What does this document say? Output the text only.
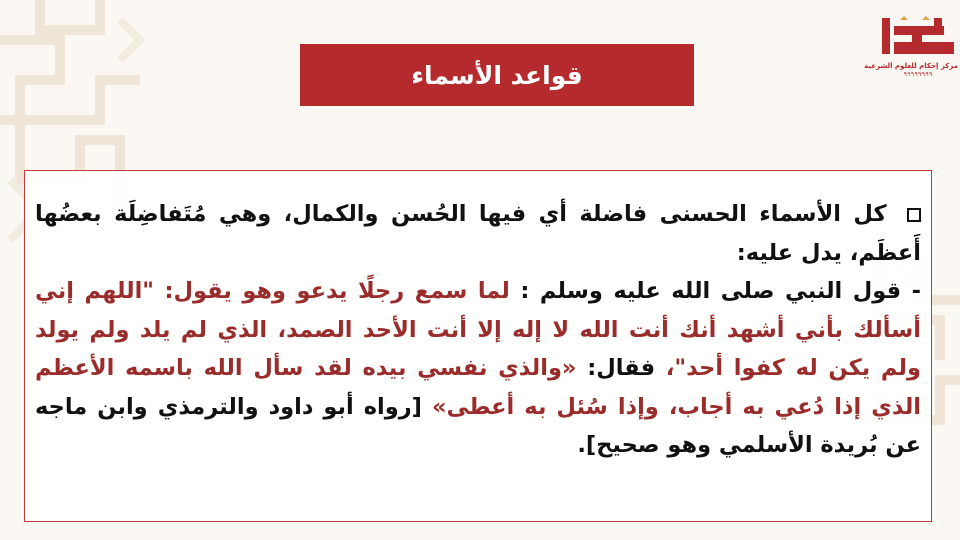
مركز إحكام للعلوم الشرعية
٩٩٩٩٩٩٩٩
قواعد الأسماء
كل الأسماء الحسنى فاضلة أي فيها الحُسن والكمال، وهي مُتَفاضِلَة بعضُها أَعظَم، يدل عليه:
- قول النبي صلى الله عليه وسلم : لما سمع رجلًا يدعو وهو يقول: "اللهم إني أسألك بأني أشهد أنك أنت الله لا إله إلا أنت الأحد الصمد، الذي لم يلد ولم يولد ولم يكن له كفوا أحد"، فقال: «والذي نفسي بيده لقد سأل الله باسمه الأعظم الذي إذا دُعي به أجاب، وإذا سُئل به أعطى» [رواه أبو داود والترمذي وابن ماجه عن بُريدة الأسلمي وهو صحيح].
